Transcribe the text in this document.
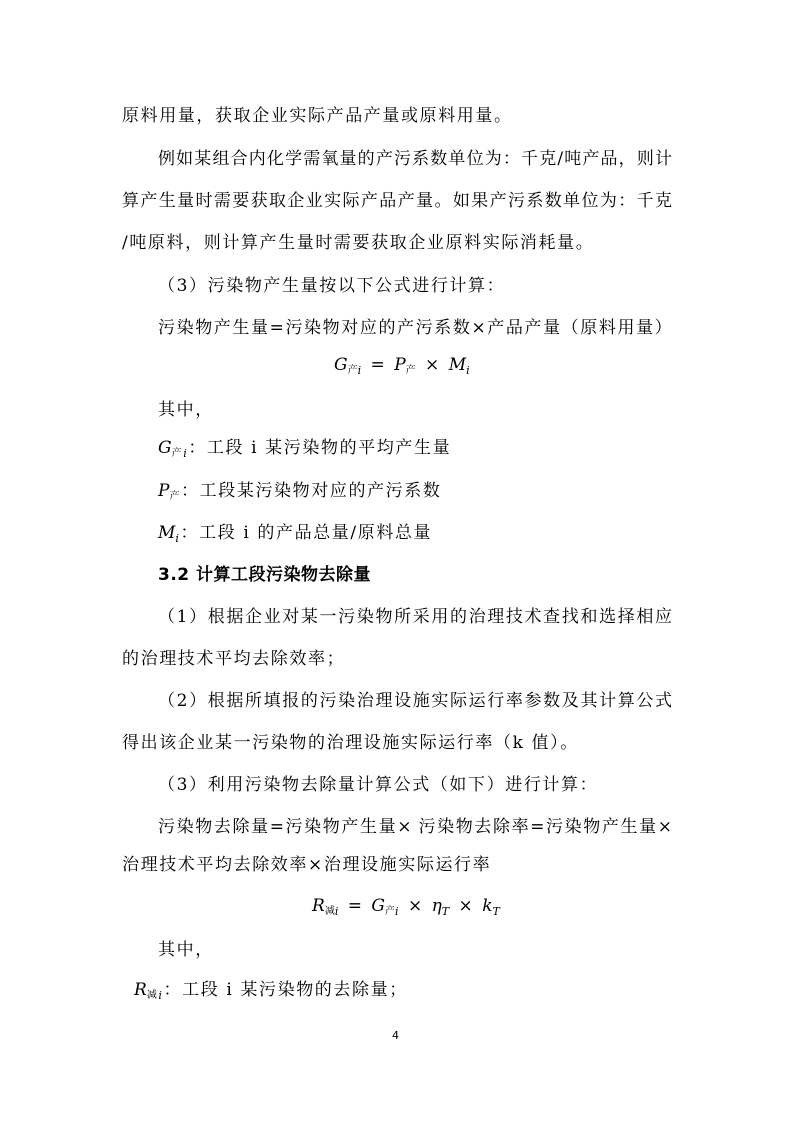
原料用量，获取企业实际产品产量或原料用量。
例如某组合内化学需氧量的产污系数单位为：千克/吨产品，则计
算产生量时需要获取企业实际产品产量。如果产污系数单位为：千克
/吨原料，则计算产生量时需要获取企业原料实际消耗量。
（3）污染物产生量按以下公式进行计算：
污染物产生量=污染物对应的产污系数×产品产量（原料用量）
$G_{产i} = P_产 \times M_i$
其中，
$G_{产i}$：工段 i 某污染物的平均产生量
$P_产$：工段某污染物对应的产污系数
$M_i$：工段 i 的产品总量/原料总量
3.2 计算工段污染物去除量
（1）根据企业对某一污染物所采用的治理技术查找和选择相应
的治理技术平均去除效率；
（2）根据所填报的污染治理设施实际运行率参数及其计算公式
得出该企业某一污染物的治理设施实际运行率（k 值）。
（3）利用污染物去除量计算公式（如下）进行计算：
污染物去除量=污染物产生量× 污染物去除率=污染物产生量×
治理技术平均去除效率×治理设施实际运行率
$R_{减i} = G_{产i} \times \eta_T \times k_T$
其中，
$R_{减i}$：工段 i 某污染物的去除量；
4
